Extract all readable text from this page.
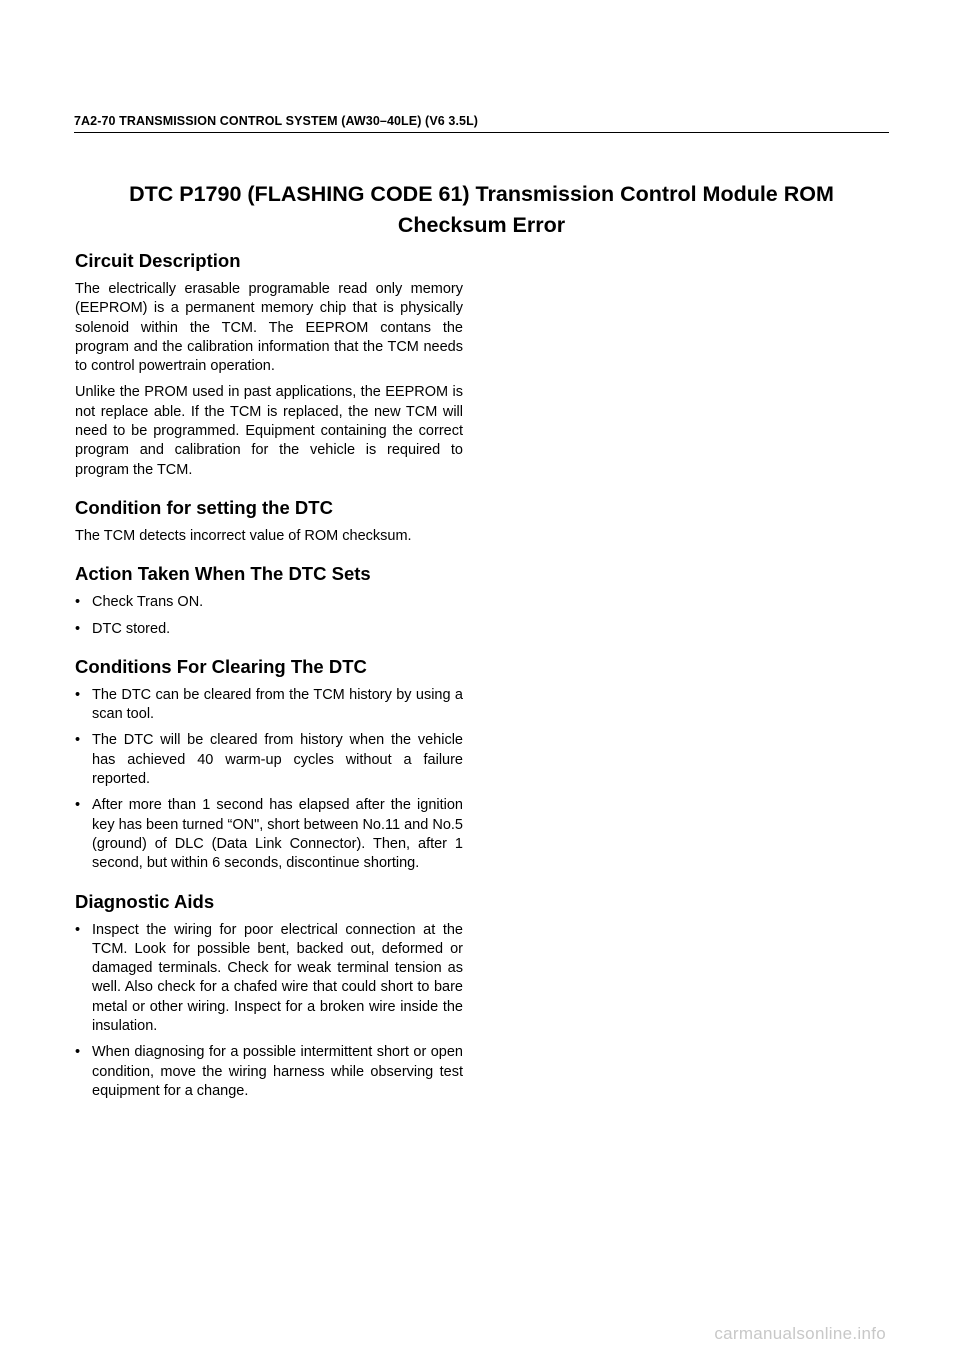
7A2-70 TRANSMISSION CONTROL SYSTEM (AW30–40LE) (V6 3.5L)
DTC P1790 (FLASHING CODE 61) Transmission Control Module ROM
Checksum Error
Circuit Description

The electrically erasable programable read only memory (EEPROM) is a permanent memory chip that is physically solenoid within the TCM. The EEPROM contans the program and the calibration information that the TCM needs to control powertrain operation.

Unlike the PROM used in past applications, the EEPROM is not replace able. If the TCM is replaced, the new TCM will need to be programmed. Equipment containing the correct program and calibration for the vehicle is required to program the TCM.

Condition for setting the DTC

The TCM detects incorrect value of ROM checksum.

Action Taken When The DTC Sets
• Check Trans ON.
• DTC stored.
Conditions For Clearing The DTC
• The DTC can be cleared from the TCM history by using a scan tool.
• The DTC will be cleared from history when the vehicle has achieved 40 warm-up cycles without a failure reported.
• After more than 1 second has elapsed after the ignition key has been turned “ON", short between No.11 and No.5 (ground) of DLC (Data Link Connector). Then, after 1 second, but within 6 seconds, discontinue shorting.
Diagnostic Aids
• Inspect the wiring for poor electrical connection at the TCM. Look for possible bent, backed out, deformed or damaged terminals. Check for weak terminal tension as well. Also check for a chafed wire that could short to bare metal or other wiring. Inspect for a broken wire inside the insulation.
• When diagnosing for a possible intermittent short or open condition, move the wiring harness while observing test equipment for a change.
carmanualsonline.info
